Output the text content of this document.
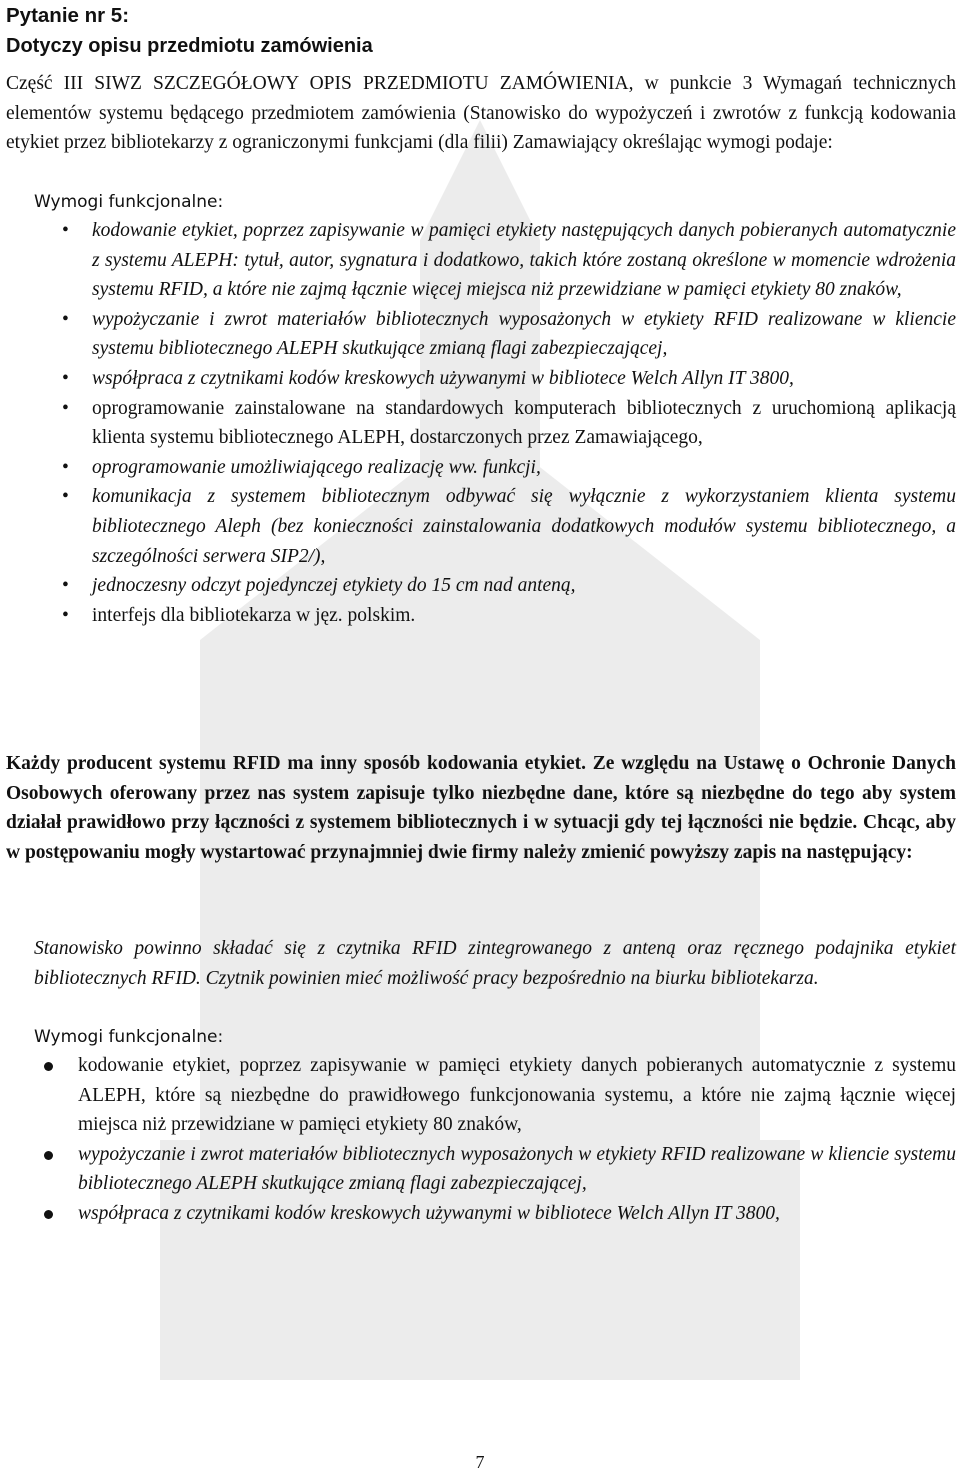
Pytanie nr 5:
Dotyczy opisu przedmiotu zamówienia
Część III SIWZ SZCZEGÓŁOWY OPIS PRZEDMIOTU ZAMÓWIENIA, w punkcie 3 Wymagań technicznych elementów systemu będącego przedmiotem zamówienia (Stanowisko do wypożyczeń i zwrotów z funkcją kodowania etykiet przez bibliotekarzy z ograniczonymi funkcjami (dla filii) Zamawiający określając wymogi podaje:
Wymogi funkcjonalne:
• kodowanie etykiet, poprzez zapisywanie w pamięci etykiety następujących danych pobieranych automatycznie z systemu ALEPH: tytuł, autor, sygnatura i dodatkowo, takich które zostaną określone w momencie wdrożenia systemu RFID, a które nie zajmą łącznie więcej miejsca niż przewidziane w pamięci etykiety 80 znaków,
• wypożyczanie i zwrot materiałów bibliotecznych wyposażonych w etykiety RFID realizowane w kliencie systemu bibliotecznego ALEPH skutkujące zmianą flagi zabezpieczającej,
• współpraca z czytnikami kodów kreskowych używanymi w bibliotece Welch Allyn IT 3800,
• oprogramowanie zainstalowane na standardowych komputerach bibliotecznych z uruchomioną aplikacją klienta systemu bibliotecznego ALEPH, dostarczonych przez Zamawiającego,
• oprogramowanie umożliwiającego realizację ww. funkcji,
• komunikacja z systemem bibliotecznym odbywać się wyłącznie z wykorzystaniem klienta systemu bibliotecznego Aleph (bez konieczności zainstalowania dodatkowych modułów systemu bibliotecznego, a szczególności serwera SIP2/),
• jednoczesny odczyt pojedynczej etykiety do 15 cm nad anteną,
• interfejs dla bibliotekarza w jęz. polskim.
Każdy producent systemu RFID ma inny sposób kodowania etykiet. Ze względu na Ustawę o Ochronie Danych Osobowych oferowany przez nas system zapisuje tylko niezbędne dane, które są niezbędne do tego aby system działał prawidłowo przy łączności z systemem bibliotecznych i w sytuacji gdy tej łączności nie będzie. Chcąc, aby w postępowaniu mogły wystartować przynajmniej dwie firmy należy zmienić powyższy zapis na następujący:
Stanowisko powinno składać się z czytnika RFID zintegrowanego z anteną oraz ręcznego podajnika etykiet bibliotecznych RFID. Czytnik powinien mieć możliwość pracy bezpośrednio na biurku bibliotekarza.
Wymogi funkcjonalne:
kodowanie etykiet, poprzez zapisywanie w pamięci etykiety danych pobieranych automatycznie z systemu ALEPH, które są niezbędne do prawidłowego funkcjonowania systemu, a które nie zajmą łącznie więcej miejsca niż przewidziane w pamięci etykiety 80 znaków,
wypożyczanie i zwrot materiałów bibliotecznych wyposażonych w etykiety RFID realizowane w kliencie systemu bibliotecznego ALEPH skutkujące zmianą flagi zabezpieczającej,
współpraca z czytnikami kodów kreskowych używanymi w bibliotece Welch Allyn IT 3800,
7
